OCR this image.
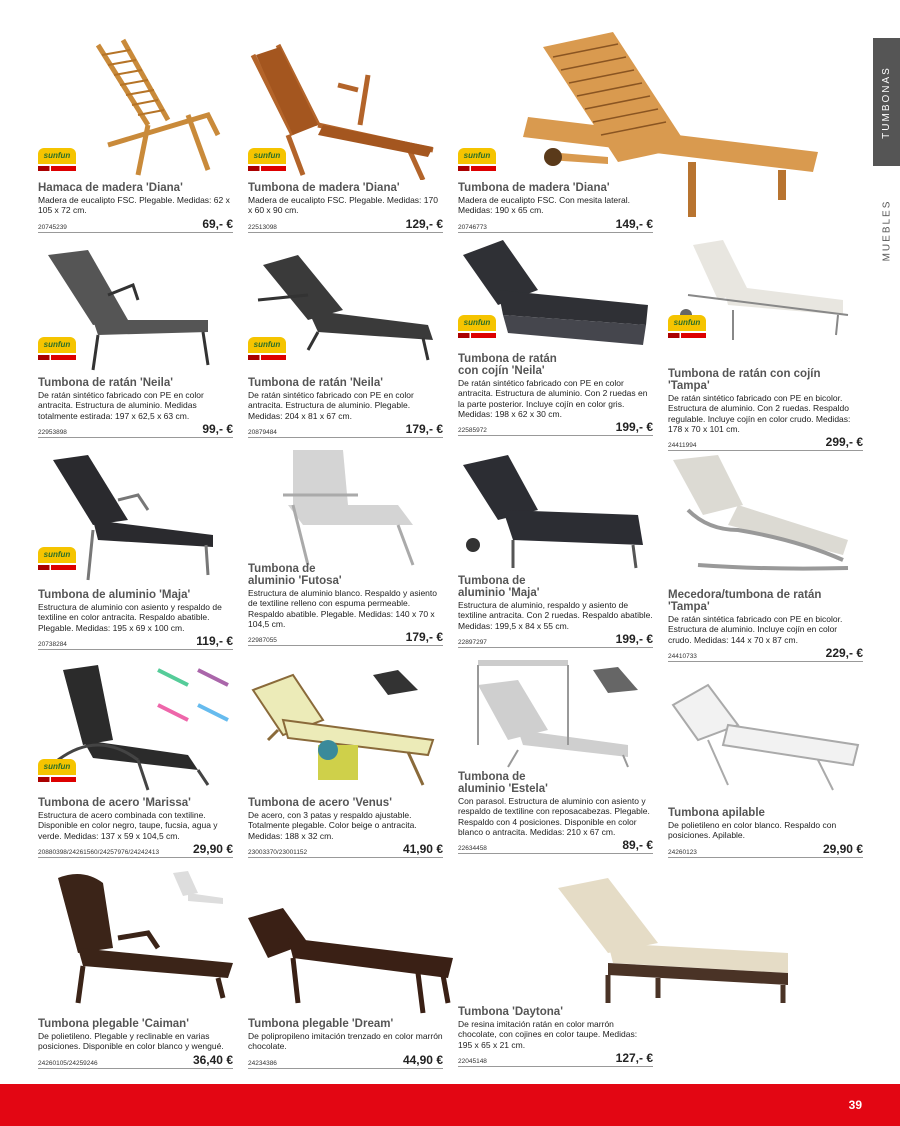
TUMBONAS
MUEBLES
sunfun
Hamaca de madera 'Diana'
Madera de eucalipto FSC. Plegable. Medidas: 62 x 105 x 72 cm.
20745239	69,- €
sunfun
Tumbona de madera 'Diana'
Madera de eucalipto FSC. Plegable. Medidas: 170 x 60 x 90 cm.
22513098	129,- €
sunfun
Tumbona de madera 'Diana'
Madera de eucalipto FSC. Con mesita lateral. Medidas: 190 x 65 cm.
20746773	149,- €
sunfun
Tumbona de ratán 'Neila'
De ratán sintético fabricado con PE en color antracita. Estructura de aluminio. Medidas totalmente estirada: 197 x 62,5 x 63 cm.
22953898	99,- €
sunfun
Tumbona de ratán 'Neila'
De ratán sintético fabricado con PE en color antracita. Estructura de aluminio. Plegable. Medidas: 204 x 81 x 67 cm.
20879484	179,- €
sunfun
Tumbona de ratán con cojín 'Neila'
De ratán sintético fabricado con PE en color antracita. Estructura de aluminio. Con 2 ruedas en la parte posterior. Incluye cojín en color gris. Medidas: 198 x 62 x 30 cm.
22585972	199,- €
sunfun
Tumbona de ratán con cojín 'Tampa'
De ratán sintético fabricado con PE en bicolor. Estructura de aluminio. Con 2 ruedas. Respaldo regulable. Incluye cojín en color crudo. Medidas: 178 x 70 x 101 cm.
24411994	299,- €
sunfun
Tumbona de aluminio 'Maja'
Estructura de aluminio con asiento y respaldo de textiline en color antracita. Respaldo abatible. Plegable. Medidas: 195 x 69 x 100 cm.
20738284	119,- €
Tumbona de aluminio 'Futosa'
Estructura de aluminio blanco. Respaldo y asiento de textiline relleno con espuma permeable. Respaldo abatible. Plegable. Medidas: 140 x 70 x 104,5 cm.
22987055	179,- €
Tumbona de aluminio 'Maja'
Estructura de aluminio, respaldo y asiento de textiline antracita. Con 2 ruedas. Respaldo abatible. Medidas: 199,5 x 84 x 55 cm.
22897297	199,- €
Mecedora/tumbona de ratán 'Tampa'
De ratán sintética fabricado con PE en bicolor. Estructura de aluminio. Incluye cojín en color crudo. Medidas: 144 x 70 x 87 cm.
24410733	229,- €
sunfun
Tumbona de acero 'Marissa'
Estructura de acero combinada con textiline. Disponible en color negro, taupe, fucsia, agua y verde. Medidas: 137 x 59 x 104,5 cm.
20880398/24261560/24257976/24242413	29,90 €
Tumbona de acero 'Venus'
De acero, con 3 patas y respaldo ajustable. Totalmente plegable. Color beige o antracita. Medidas: 188 x 32 cm.
23003370/23001152	41,90 €
Tumbona de aluminio 'Estela'
Con parasol. Estructura de aluminio con asiento y respaldo de textiline con reposacabezas. Plegable. Respaldo con 4 posiciones. Disponible en color blanco o antracita. Medidas: 210 x 67 cm.
22634458	89,- €
Tumbona apilable
De polietileno en color blanco. Respaldo con posiciones. Apilable.
24260123	29,90 €
Tumbona plegable 'Caiman'
De polietileno. Plegable y reclinable en varias posiciones. Disponible en color blanco y wengué.
24260105/24259246	36,40 €
Tumbona plegable 'Dream'
De polipropileno imitación trenzado en color marrón chocolate.
24234386	44,90 €
Tumbona 'Daytona'
De resina imitación ratán en color marrón chocolate, con cojines en color taupe. Medidas: 195 x 65 x 21 cm.
22045148	127,- €
39
